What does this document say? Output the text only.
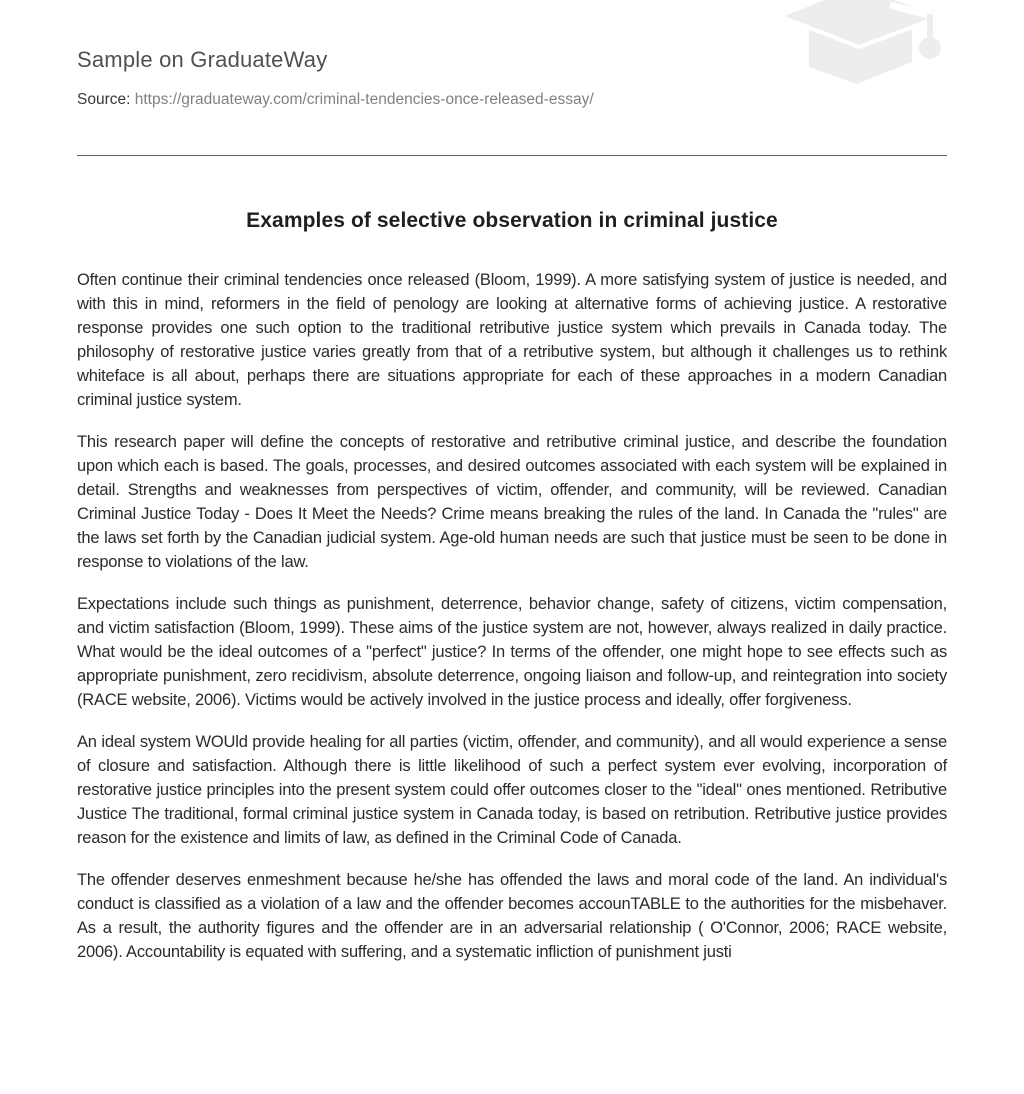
Sample on GraduateWay

Source: https://graduateway.com/criminal-tendencies-once-released-essay/

Examples of selective observation in criminal justice

Often continue their criminal tendencies once released (Bloom, 1999). A more satisfying system of justice is needed, and with this in mind, reformers in the field of penology are looking at alternative forms of achieving justice. A restorative response provides one such option to the traditional retributive justice system which prevails in Canada today. The philosophy of restorative justice varies greatly from that of a retributive system, but although it challenges us to rethink whiteface is all about, perhaps there are situations appropriate for each of these approaches in a modern Canadian criminal justice system.

This research paper will define the concepts of restorative and retributive criminal justice, and describe the foundation upon which each is based. The goals, processes, and desired outcomes associated with each system will be explained in detail. Strengths and weaknesses from perspectives of victim, offender, and community, will be reviewed. Canadian Criminal Justice Today - Does It Meet the Needs? Crime means breaking the rules of the land. In Canada the "rules" are the laws set forth by the Canadian judicial system. Age-old human needs are such that justice must be seen to be done in response to violations of the law.

Expectations include such things as punishment, deterrence, behavior change, safety of citizens, victim compensation, and victim satisfaction (Bloom, 1999). These aims of the justice system are not, however, always realized in daily practice. What would be the ideal outcomes of a "perfect" justice? In terms of the offender, one might hope to see effects such as appropriate punishment, zero recidivism, absolute deterrence, ongoing liaison and follow-up, and reintegration into society (RACE website, 2006). Victims would be actively involved in the justice process and ideally, offer forgiveness.

An ideal system WOUld provide healing for all parties (victim, offender, and community), and all would experience a sense of closure and satisfaction. Although there is little likelihood of such a perfect system ever evolving, incorporation of restorative justice principles into the present system could offer outcomes closer to the "ideal" ones mentioned. Retributive Justice The traditional, formal criminal justice system in Canada today, is based on retribution. Retributive justice provides reason for the existence and limits of law, as defined in the Criminal Code of Canada.

The offender deserves enmeshment because he/she has offended the laws and moral code of the land. An individual's conduct is classified as a violation of a law and the offender becomes accounTABLE to the authorities for the misbehaver. As a result, the authority figures and the offender are in an adversarial relationship ( O'Connor, 2006; RACE website, 2006). Accountability is equated with suffering, and a systematic infliction of punishment justi
